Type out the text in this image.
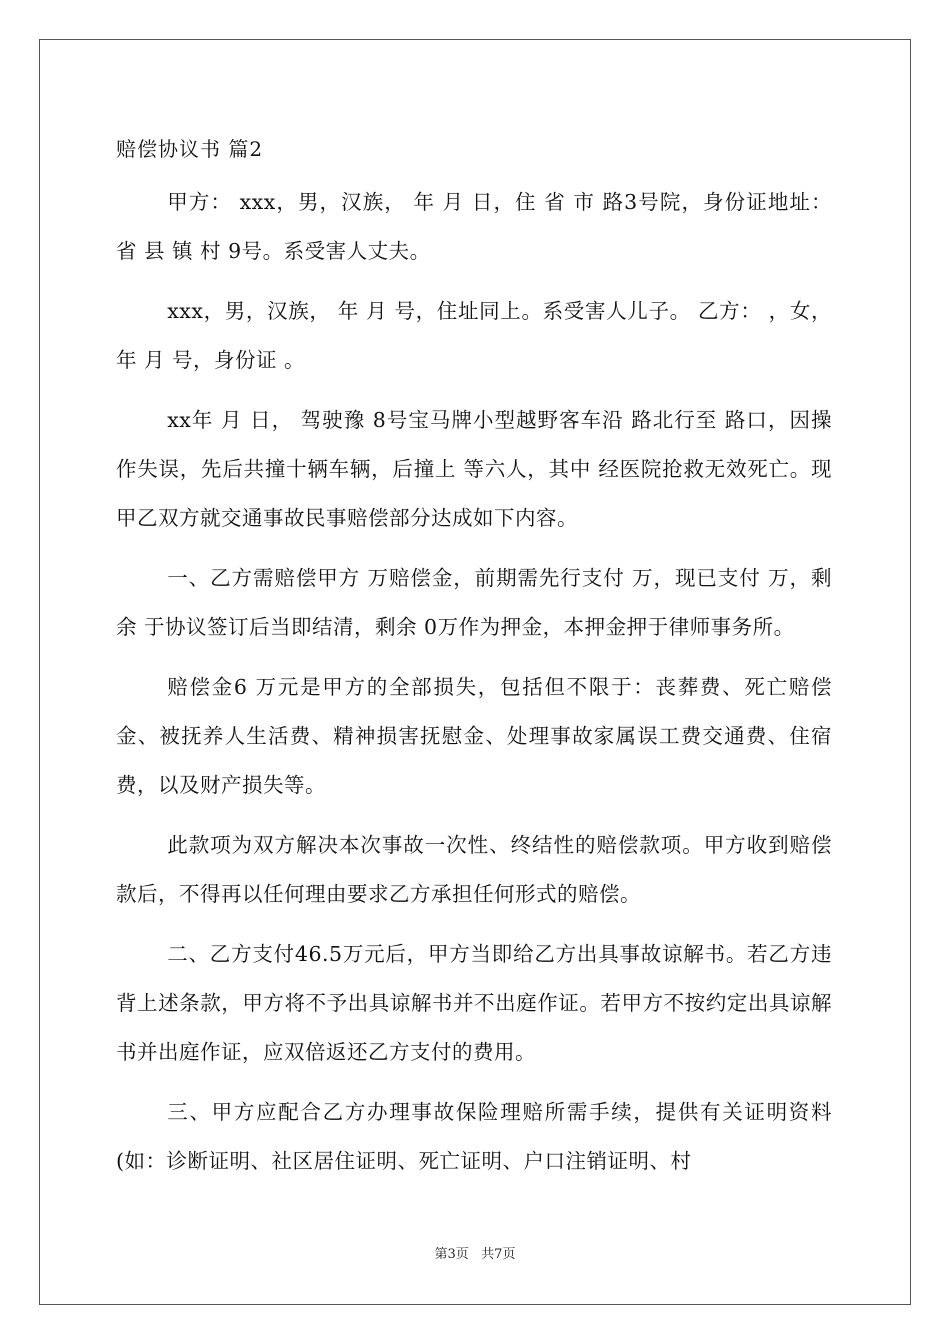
赔偿协议书 篇2

甲方： xxx，男，汉族， 年 月 日，住 省 市 路3号院，身份证地址： 省 县 镇 村 9号。系受害人丈夫。

xxx，男，汉族， 年 月 号，住址同上。系受害人儿子。 乙方： ，女， 年 月 号，身份证 。

xx年 月 日， 驾驶豫 8号宝马牌小型越野客车沿 路北行至 路口，因操作失误，先后共撞十辆车辆，后撞上 等六人，其中 经医院抢救无效死亡。现甲乙双方就交通事故民事赔偿部分达成如下内容。

一、乙方需赔偿甲方 万赔偿金，前期需先行支付 万，现已支付 万，剩余 于协议签订后当即结清，剩余 0万作为押金，本押金押于律师事务所。

赔偿金6 万元是甲方的全部损失，包括但不限于：丧葬费、死亡赔偿金、被抚养人生活费、精神损害抚慰金、处理事故家属误工费交通费、住宿费，以及财产损失等。

此款项为双方解决本次事故一次性、终结性的赔偿款项。甲方收到赔偿款后，不得再以任何理由要求乙方承担任何形式的赔偿。

二、乙方支付46.5万元后，甲方当即给乙方出具事故谅解书。若乙方违背上述条款，甲方将不予出具谅解书并不出庭作证。若甲方不按约定出具谅解书并出庭作证，应双倍返还乙方支付的费用。

三、甲方应配合乙方办理事故保险理赔所需手续，提供有关证明资料(如：诊断证明、社区居住证明、死亡证明、户口注销证明、村

第3页   共7页
